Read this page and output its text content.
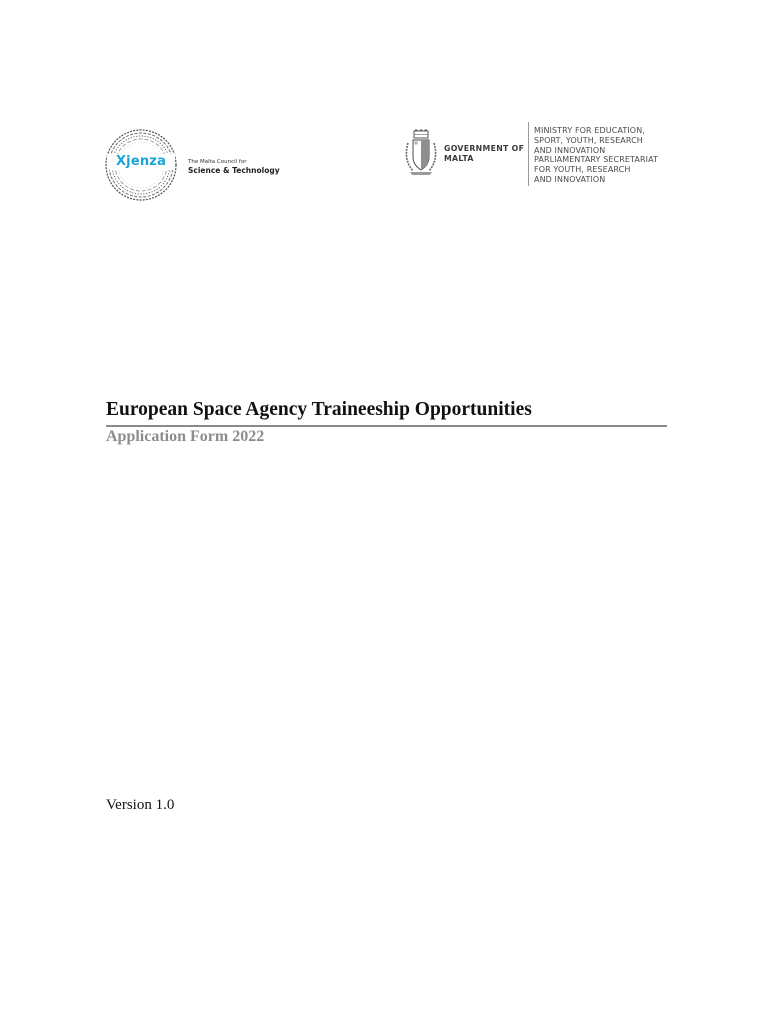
Xjenza	The Malta Council for
Science & Technology
GOVERNMENT OF
MALTA
MINISTRY FOR EDUCATION,
SPORT, YOUTH, RESEARCH
AND INNOVATION
PARLIAMENTARY SECRETARIAT
FOR YOUTH, RESEARCH
AND INNOVATION
European Space Agency Traineeship Opportunities
Application Form 2022
Version 1.0
